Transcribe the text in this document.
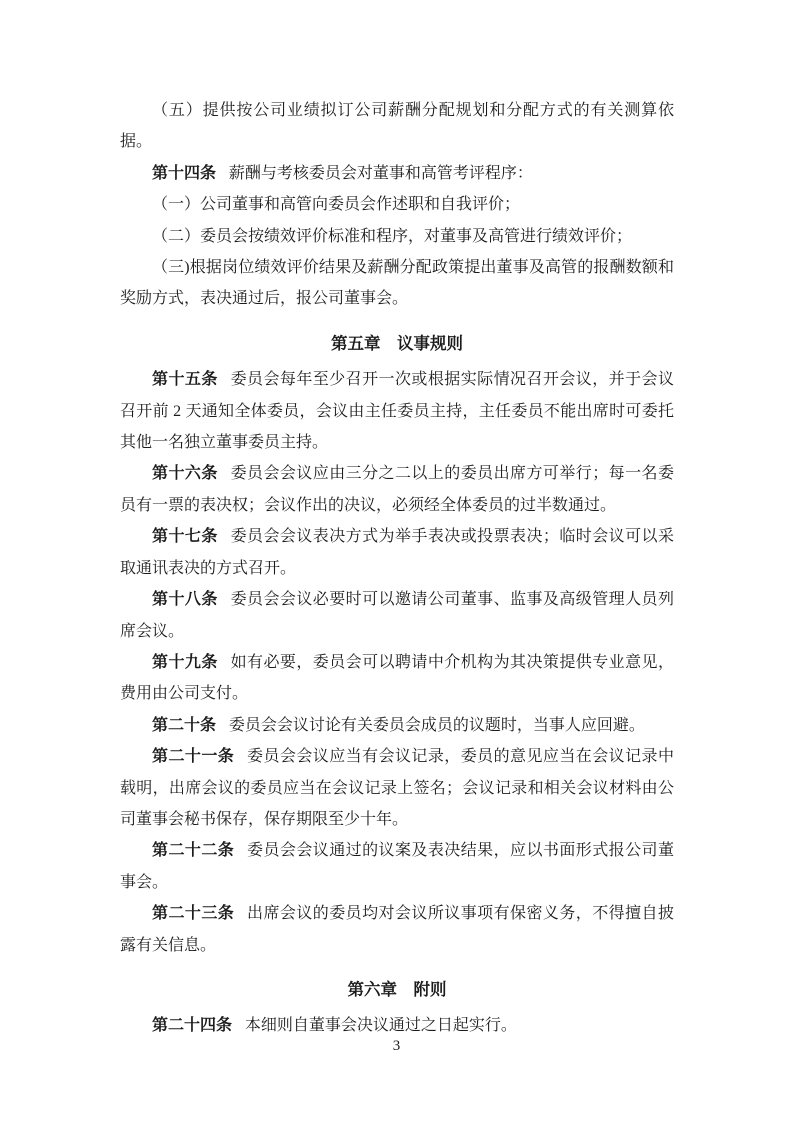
（五）提供按公司业绩拟订公司薪酬分配规划和分配方式的有关测算依据。

第十四条 薪酬与考核委员会对董事和高管考评程序：

（一）公司董事和高管向委员会作述职和自我评价；

（二）委员会按绩效评价标准和程序，对董事及高管进行绩效评价；

（三)根据岗位绩效评价结果及薪酬分配政策提出董事及高管的报酬数额和奖励方式，表决通过后，报公司董事会。

第五章　议事规则

第十五条 委员会每年至少召开一次或根据实际情况召开会议，并于会议召开前 2 天通知全体委员，会议由主任委员主持，主任委员不能出席时可委托其他一名独立董事委员主持。

第十六条 委员会会议应由三分之二以上的委员出席方可举行；每一名委员有一票的表决权；会议作出的决议，必须经全体委员的过半数通过。

第十七条 委员会会议表决方式为举手表决或投票表决；临时会议可以采取通讯表决的方式召开。

第十八条 委员会会议必要时可以邀请公司董事、监事及高级管理人员列席会议。

第十九条 如有必要，委员会可以聘请中介机构为其决策提供专业意见，费用由公司支付。

第二十条 委员会会议讨论有关委员会成员的议题时，当事人应回避。

第二十一条 委员会会议应当有会议记录，委员的意见应当在会议记录中载明，出席会议的委员应当在会议记录上签名；会议记录和相关会议材料由公司董事会秘书保存，保存期限至少十年。

第二十二条 委员会会议通过的议案及表决结果，应以书面形式报公司董事会。

第二十三条 出席会议的委员均对会议所议事项有保密义务，不得擅自披露有关信息。

第六章　附则

第二十四条 本细则自董事会决议通过之日起实行。

3
